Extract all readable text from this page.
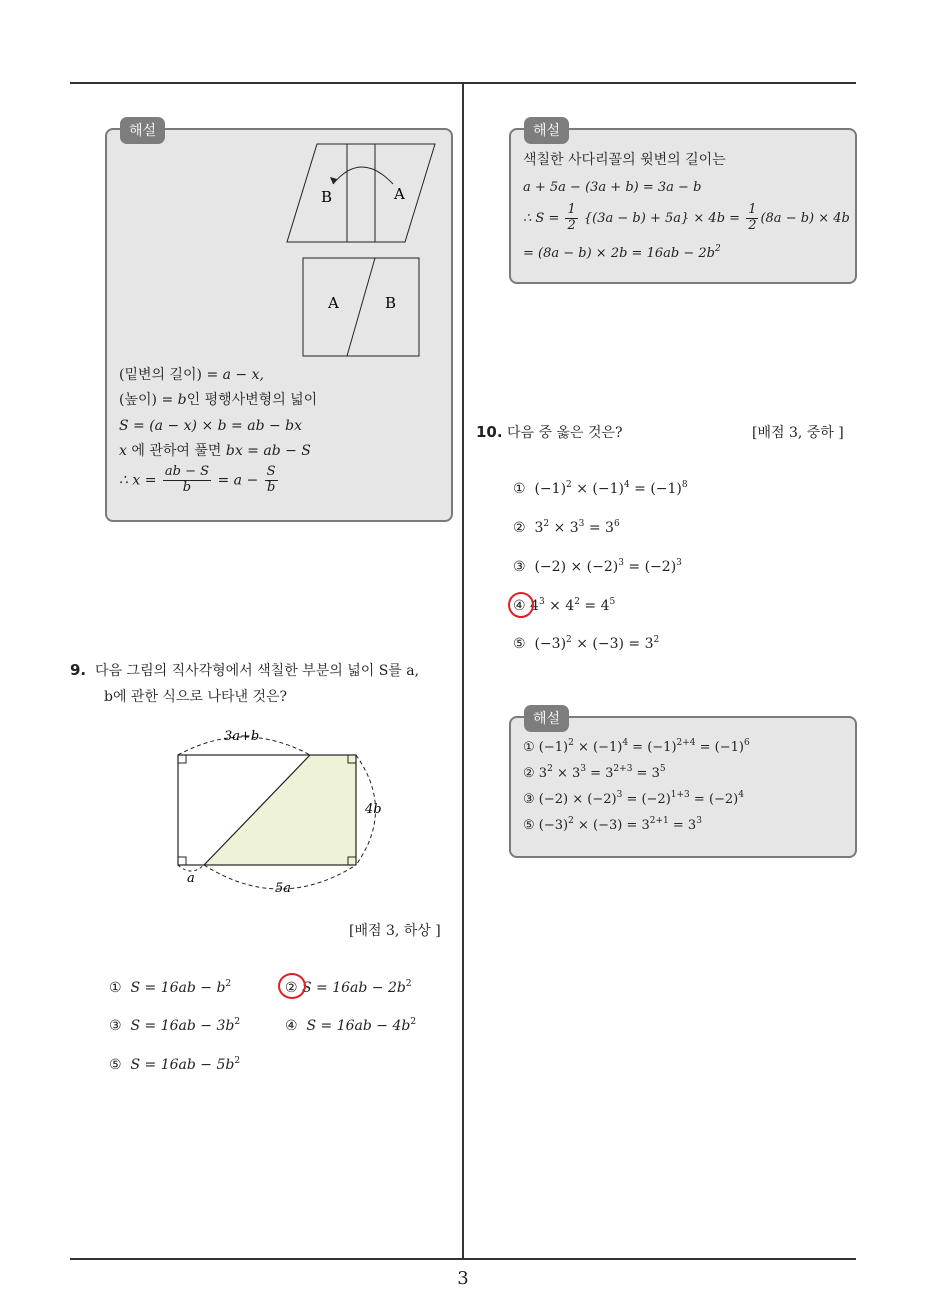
B	A
A	B
(밑변의 길이) = a − x,
(높이) = b인 평행사변형의 넓이
S = (a − x) × b = ab − bx
x 에 관하여 풀면 bx = ab − S
∴ $x = \frac{ab - S}{b} = a - \frac{S}{b}$
해설
9. 다음 그림의 직사각형에서 색칠한 부분의 넓이 S를 a,
b에 관한 식으로 나타낸 것은?
3a+b
4b
a
5a
[배점 3, 하상 ]
① $S = 16ab - b^2$	② $S = 16ab - 2b^2$
③ $S = 16ab - 3b^2$	④ $S = 16ab - 4b^2$
⑤ $S = 16ab - 5b^2$
색칠한 사다리꼴의 윗변의 길이는
a + 5a − (3a + b) = 3a − b
∴ $S = \frac{1}{2} \{(3a - b) + 5a\} \times 4b = \frac{1}{2} (8a - b) \times 4b$
= $(8a - b) \times 2b = 16ab - 2b^2$
해설
10. 다음 중 옳은 것은?	[배점 3, 중하 ]
① $(-1)^2 \times (-1)^4 = (-1)^8$
② $3^2 \times 3^3 = 3^6$
③ $(-2) \times (-2)^3 = (-2)^3$
④ $4^3 \times 4^2 = 4^5$
⑤ $(-3)^2 \times (-3) = 3^2$
① $(-1)^2 \times (-1)^4 = (-1)^{2+4} = (-1)^6$
② $3^2 \times 3^3 = 3^{2+3} = 3^5$
③ $(-2) \times (-2)^3 = (-2)^{1+3} = (-2)^4$
⑤ $(-3)^2 \times (-3) = 3^{2+1} = 3^3$
해설
3
